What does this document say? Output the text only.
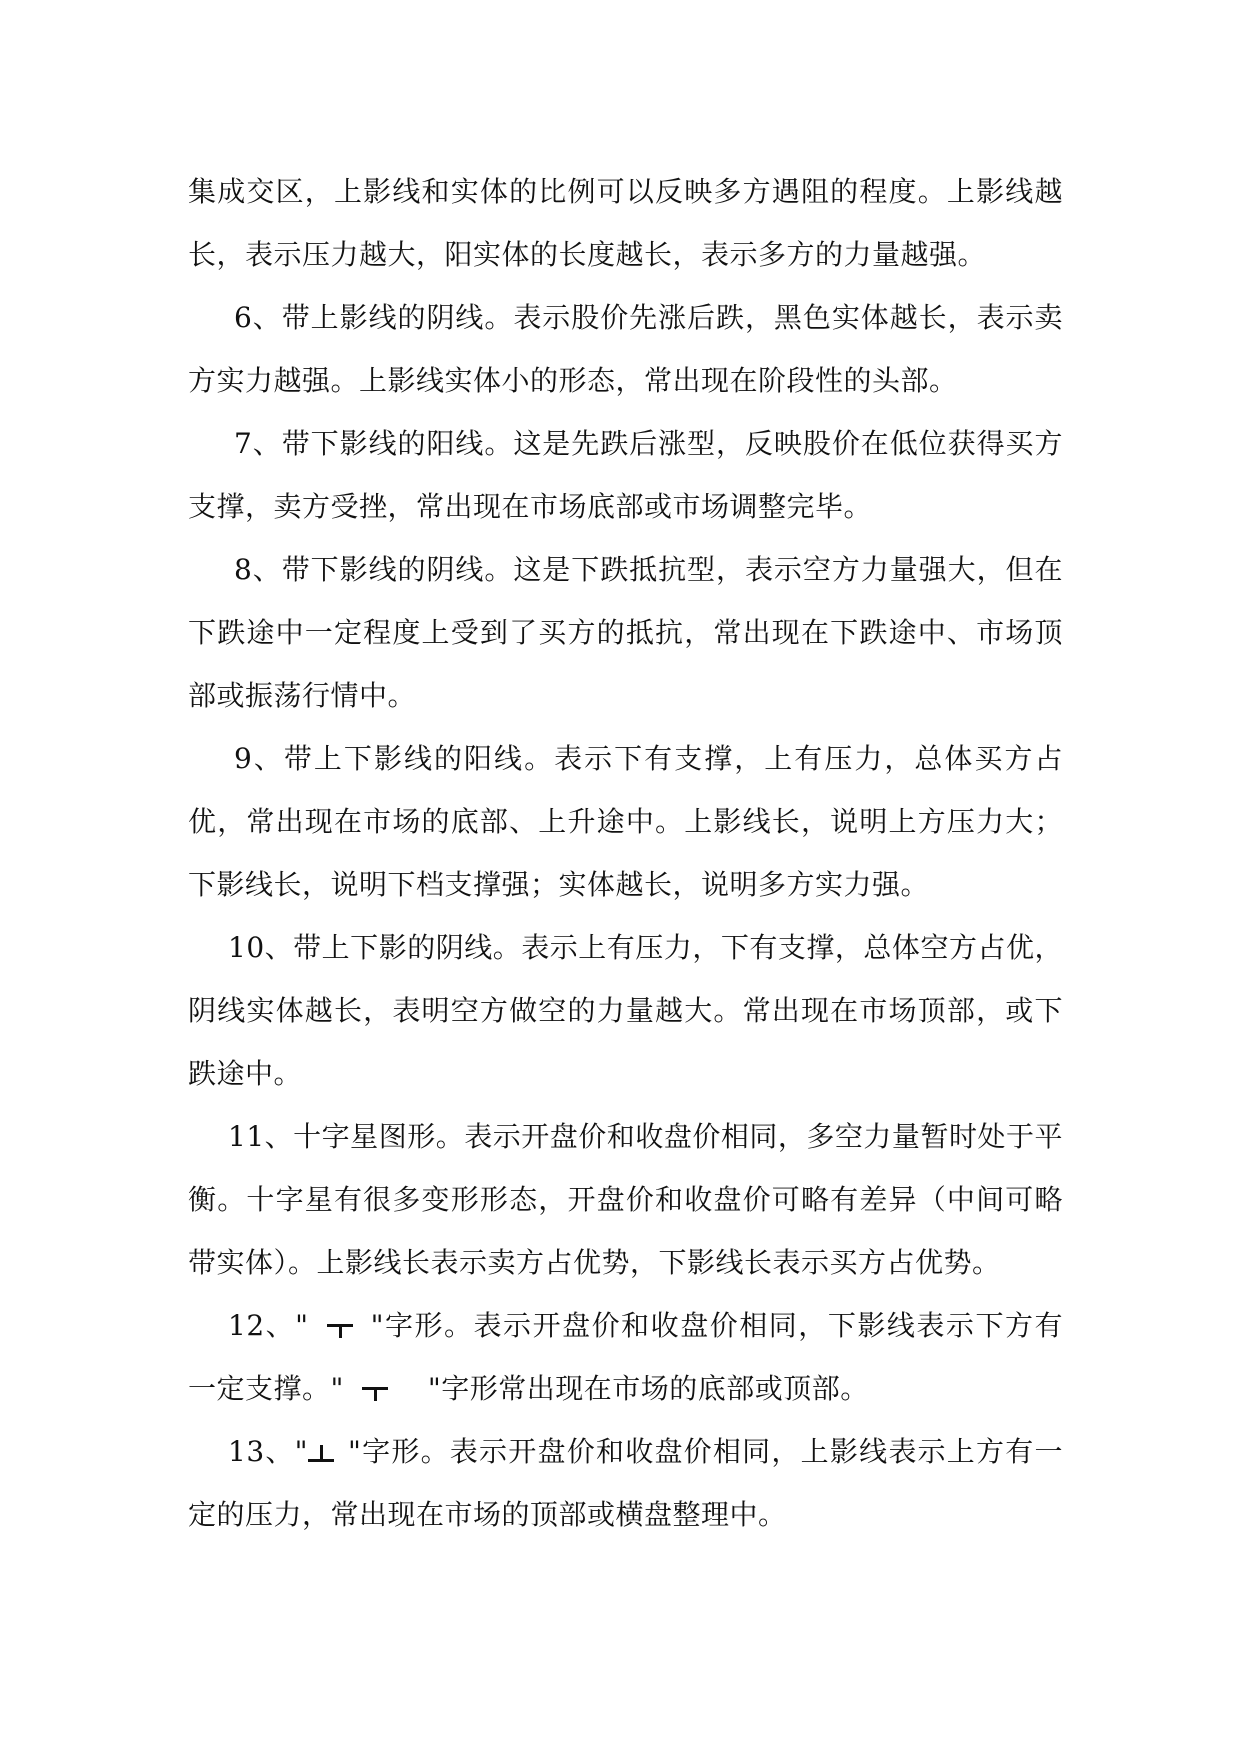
集成交区，上影线和实体的比例可以反映多方遇阻的程度。上影线越长，表示压力越大，阳实体的长度越长，表示多方的力量越强。

6、带上影线的阴线。表示股价先涨后跌，黑色实体越长，表示卖方实力越强。上影线实体小的形态，常出现在阶段性的头部。

7、带下影线的阳线。这是先跌后涨型，反映股价在低位获得买方支撑，卖方受挫，常出现在市场底部或市场调整完毕。

8、带下影线的阴线。这是下跌抵抗型，表示空方力量强大，但在下跌途中一定程度上受到了买方的抵抗，常出现在下跌途中、市场顶部或振荡行情中。

9、带上下影线的阳线。表示下有支撑，上有压力，总体买方占优，常出现在市场的底部、上升途中。上影线长，说明上方压力大；下影线长，说明下档支撑强；实体越长，说明多方实力强。

10、带上下影的阴线。表示上有压力，下有支撑，总体空方占优，阴线实体越长，表明空方做空的力量越大。常出现在市场顶部，或下跌途中。

11、十字星图形。表示开盘价和收盘价相同，多空力量暂时处于平衡。十字星有很多变形形态，开盘价和收盘价可略有差异（中间可略带实体）。上影线长表示卖方占优势，下影线长表示买方占优势。

12、" "字形。表示开盘价和收盘价相同，下影线表示下方有一定支撑。"	"字形常出现在市场的底部或顶部。

13、" "字形。表示开盘价和收盘价相同，上影线表示上方有一定的压力，常出现在市场的顶部或横盘整理中。
